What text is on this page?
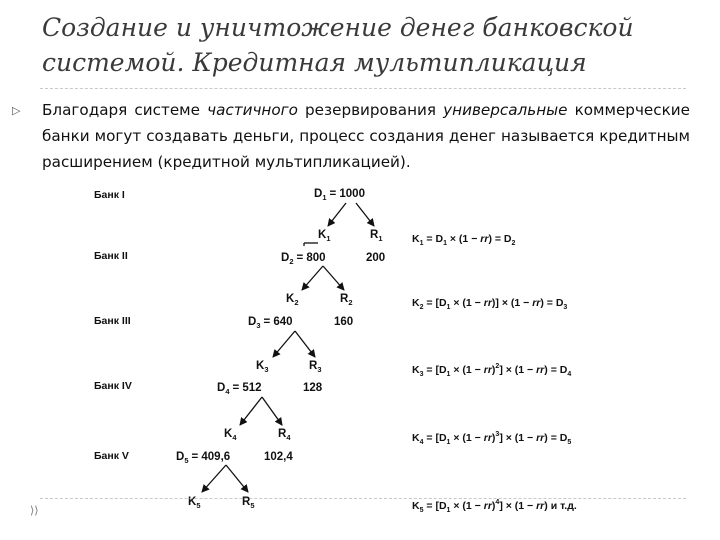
Создание и уничтожение денег банковской
системой. Кредитная мультипликация
▷ Благодаря системе частичного резервирования универсальные коммерческие банки могут создавать деньги, процесс создания денег называется кредитным расширением (кредитной мультипликацией).

Банк I
Банк II
Банк III
Банк IV
Банк V
$D_1 = 1000$
$D_2 = 800$
$D_3 = 640$
$D_4 = 512$
$D_5 = 409,6$
$K_1$
$K_2$
$K_3$
$K_4$
$K_5$
$R_1$
$R_2$
$R_3$
$R_4$
$R_5$
200
160
128
102,4
$K_1 = D_1 \times (1 - rr) = D_2$
$K_2 = [D_1 \times (1 - rr)] \times (1 - rr) = D_3$
$K_3 = [D_1 \times (1 - rr)^2] \times (1 - rr) = D_4$
$K_4 = [D_1 \times (1 - rr)^3] \times (1 - rr) = D_5$
$K_5 = [D_1 \times (1 - rr)^4] \times (1 - rr)$ и т.д.
⟩⟩
